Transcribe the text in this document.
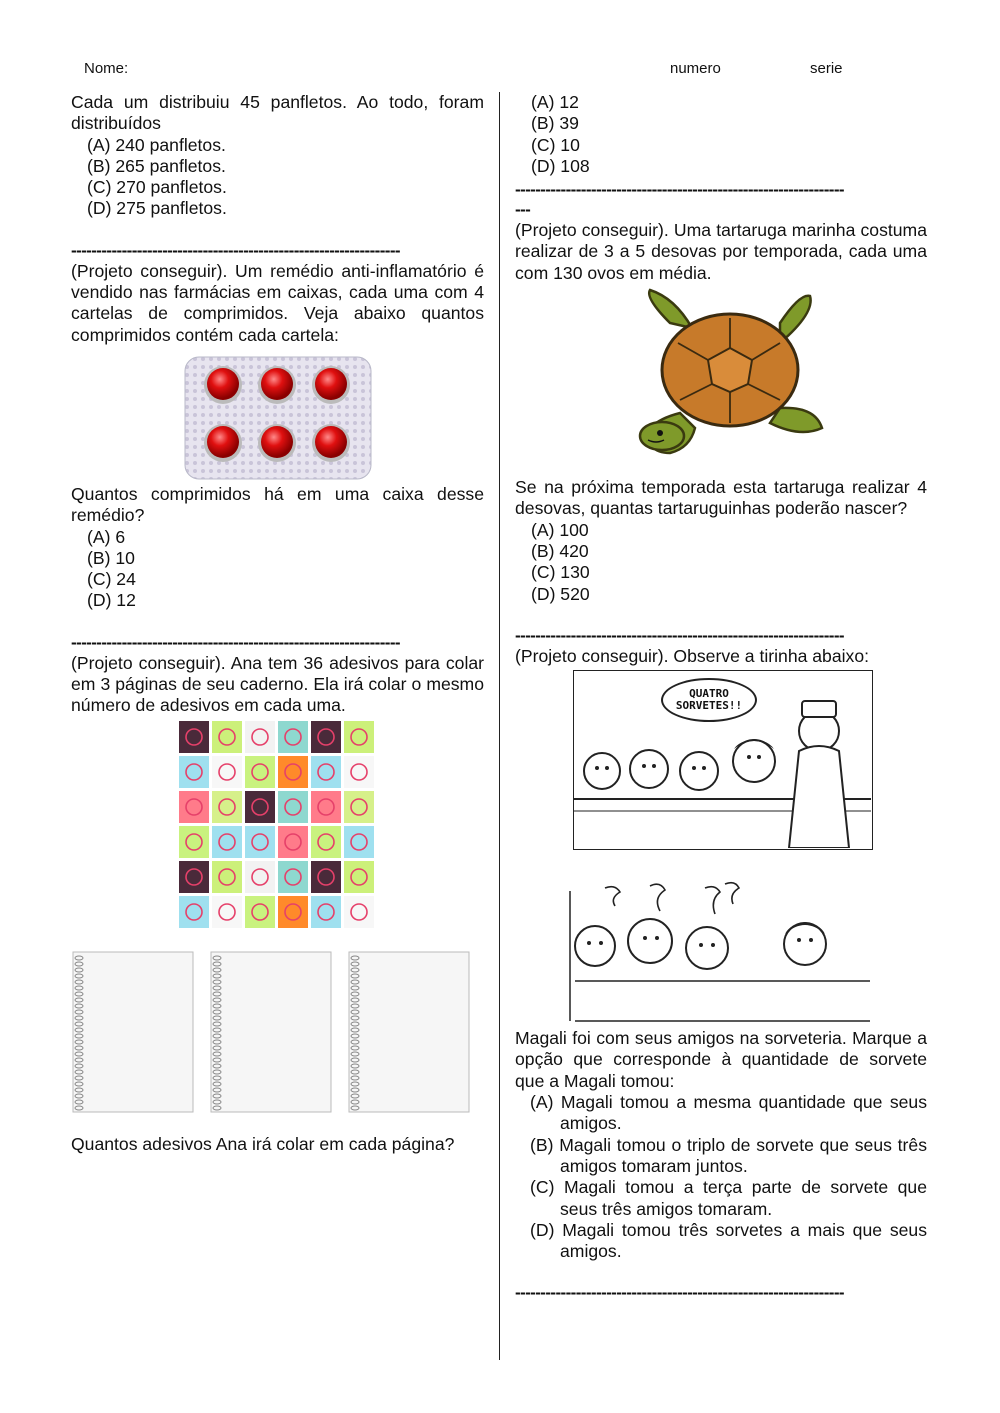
Nome:	numero	serie

Cada um distribuiu 45 panfletos. Ao todo, foram distribuídos

(A) 240 panfletos.
(B) 265 panfletos.
(C) 270 panfletos.
(D) 275 panfletos.
-----------------------------------------------------------------

(Projeto conseguir). Um remédio anti-inflamatório é vendido nas farmácias em caixas, cada uma com 4 cartelas de comprimidos. Veja abaixo quantos comprimidos contém cada cartela:

Quantos comprimidos há em uma caixa desse remédio?

(A) 6
(B) 10
(C) 24
(D) 12
-----------------------------------------------------------------

(Projeto conseguir). Ana tem 36 adesivos para colar em 3 páginas de seu caderno. Ela irá colar o mesmo número de adesivos em cada uma.

Quantos adesivos Ana irá colar em cada página?

(A) 12
(B) 39
(C) 10
(D) 108
-----------------------------------------------------------------
---

(Projeto conseguir). Uma tartaruga marinha costuma realizar de 3 a 5 desovas por temporada, cada uma com 130 ovos em média.

Se na próxima temporada esta tartaruga realizar 4 desovas, quantas tartaruguinhas poderão nascer?

(A) 100
(B) 420
(C) 130
(D) 520
-----------------------------------------------------------------

(Projeto conseguir). Observe a tirinha abaixo:

QUATRO SORVETES!!

Magali foi com seus amigos na sorveteria. Marque a opção que corresponde à quantidade de sorvete que a Magali tomou:

(A) Magali tomou a mesma quantidade que seus amigos.
(B) Magali tomou o triplo de sorvete que seus três amigos tomaram juntos.
(C) Magali tomou a terça parte de sorvete que seus três amigos tomaram.
(D) Magali tomou três sorvetes a mais que seus amigos.
-----------------------------------------------------------------
